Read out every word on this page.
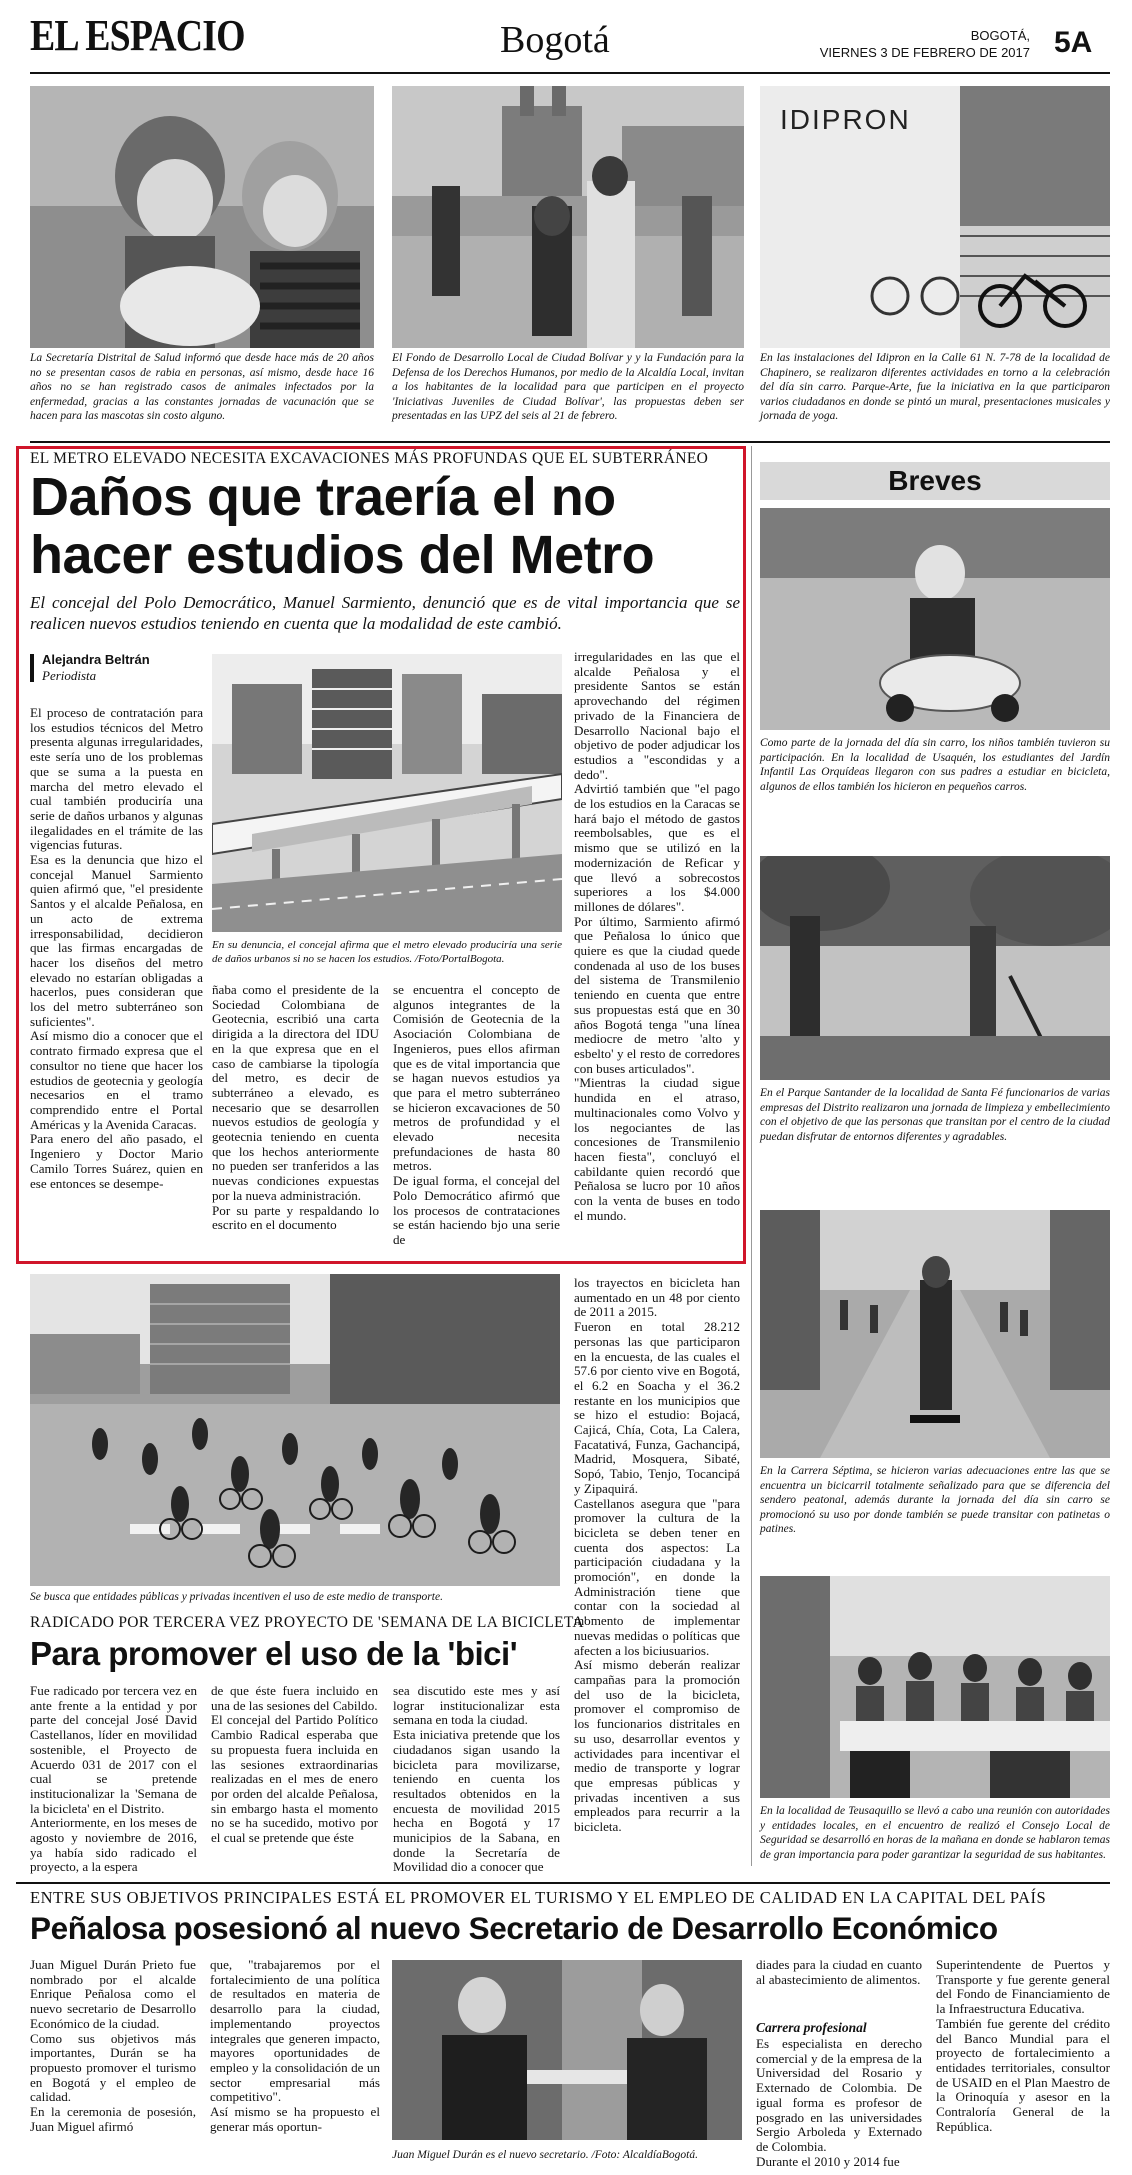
EL ESPACIO	Bogotá	BOGOTÁ,
VIERNES 3 DE FEBRERO DE 2017 5A
La Secretaría Distrital de Salud informó que desde hace más de 20 años no se presentan casos de rabia en personas, así mismo, desde hace 16 años no se han registrado casos de animales infectados por la enfermedad, gracias a las constantes jornadas de vacunación que se hacen para las mascotas sin costo alguno.
El Fondo de Desarrollo Local de Ciudad Bolívar y y la Fundación para la Defensa de los Derechos Humanos, por medio de la Alcaldía Local, invitan a los habitantes de la localidad para que participen en el proyecto 'Iniciativas Juveniles de Ciudad Bolívar', las propuestas deben ser presentadas en las UPZ del seis al 21 de febrero.
IDIPRON
En las instalaciones del Idipron en la Calle 61 N. 7-78 de la localidad de Chapinero, se realizaron diferentes actividades en torno a la celebración del día sin carro. Parque-Arte, fue la iniciativa en la que participaron varios ciudadanos en donde se pintó un mural, presentaciones musicales y jornada de yoga.
EL METRO ELEVADO NECESITA EXCAVACIONES MÁS PROFUNDAS QUE EL SUBTERRÁNEO
Daños que traería el no hacer estudios del Metro
El concejal del Polo Democrático, Manuel Sarmiento, denunció que es de vital importancia que se realicen nuevos estudios teniendo en cuenta que la modalidad de este cambió.
Alejandra Beltrán
Periodista
El proceso de contratación para los estudios técnicos del Metro presenta algunas irregularidades, este sería uno de los problemas que se suma a la puesta en marcha del metro elevado el cual también produciría una serie de daños urbanos y algunas ilegalidades en el trámite de las vigencias futuras.
Esa es la denuncia que hizo el concejal Manuel Sarmiento quien afirmó que, "el presidente Santos y el alcalde Peñalosa, en un acto de extrema irresponsabilidad, decidieron que las firmas encargadas de hacer los diseños del metro elevado no estarían obligadas a hacerlos, pues consideran que los del metro subterráneo son suficientes".
Así mismo dio a conocer que el contrato firmado expresa que el consultor no tiene que hacer los estudios de geotecnia y geología necesarios en el tramo comprendido entre el Portal Américas y la Avenida Caracas.
Para enero del año pasado, el Ingeniero y Doctor Mario Camilo Torres Suárez, quien en ese entonces se desempe-
En su denuncia, el concejal afirma que el metro elevado produciría una serie de daños urbanos si no se hacen los estudios. /Foto/PortalBogota.
ñaba como el presidente de la Sociedad Colombiana de Geotecnia, escribió una carta dirigida a la directora del IDU en la que expresa que en el caso de cambiarse la tipología del metro, es decir de subterráneo a elevado, es necesario que se desarrollen nuevos estudios de geología y geotecnia teniendo en cuenta que los hechos anteriormente no pueden ser tranferidos a las nuevas condiciones expuestas por la nueva administración.
Por su parte y respaldando lo escrito en el documento
se encuentra el concepto de algunos integrantes de la Comisión de Geotecnia de la Asociación Colombiana de Ingenieros, pues ellos afirman que es de vital importancia que se hagan nuevos estudios ya que para el metro subterráneo se hicieron excavaciones de 50 metros de profundidad y el elevado necesita prefundaciones de hasta 80 metros.
De igual forma, el concejal del Polo Democrático afirmó que los procesos de contrataciones se están haciendo bjo una serie de
irregularidades en las que el alcalde Peñalosa y el presidente Santos se están aprovechando del régimen privado de la Financiera de Desarrollo Nacional bajo el objetivo de poder adjudicar los estudios a "escondidas y a dedo".
Advirtió también que "el pago de los estudios en la Caracas se hará bajo el método de gastos reembolsables, que es el mismo que se utilizó en la modernización de Reficar y que llevó a sobrecostos superiores a los $4.000 millones de dólares".
Por último, Sarmiento afirmó que Peñalosa lo único que quiere es que la ciudad quede condenada al uso de los buses del sistema de Transmilenio teniendo en cuenta que entre sus propuestas está que en 30 años Bogotá tenga "una línea mediocre de metro 'alto y esbelto' y el resto de corredores con buses articulados".
"Mientras la ciudad sigue hundida en el atraso, multinacionales como Volvo y los negociantes de las concesiones de Transmilenio hacen fiesta", concluyó el cabildante quien recordó que Peñalosa se lucro por 10 años con la venta de buses en todo el mundo.
Breves
Como parte de la jornada del día sin carro, los niños también tuvieron su participación. En la localidad de Usaquén, los estudiantes del Jardín Infantil Las Orquídeas llegaron con sus padres a estudiar en bicicleta, algunos de ellos también los hicieron en pequeños carros.
En el Parque Santander de la localidad de Santa Fé funcionarios de varias empresas del Distrito realizaron una jornada de limpieza y embellecimiento con el objetivo de que las personas que transitan por el centro de la ciudad puedan disfrutar de entornos diferentes y agradables.
En la Carrera Séptima, se hicieron varias adecuaciones entre las que se encuentra un bicicarril totalmente señalizado para que se diferencia del sendero peatonal, además durante la jornada del día sin carro se promocionó su uso por donde también se puede transitar con patinetas o patines.
En la localidad de Teusaquillo se llevó a cabo una reunión con autoridades y entidades locales, en el encuentro de realizó el Consejo Local de Seguridad se desarrolló en horas de la mañana en donde se hablaron temas de gran importancia para poder garantizar la seguridad de sus habitantes.
Se busca que entidades públicas y privadas incentiven el uso de este medio de transporte.
los trayectos en bicicleta han aumentado en un 48 por ciento de 2011 a 2015.
Fueron en total 28.212 personas las que participaron en la encuesta, de las cuales el 57.6 por ciento vive en Bogotá, el 6.2 en Soacha y el 36.2 restante en los municipios que se hizo el estudio: Bojacá, Cajicá, Chía, Cota, La Calera, Facatativá, Funza, Gachancipá, Madrid, Mosquera, Sibaté, Sopó, Tabio, Tenjo, Tocancipá y Zipaquirá.
Castellanos asegura que "para promover la cultura de la bicicleta se deben tener en cuenta dos aspectos: La participación ciudadana y la promoción", en donde la Administración tiene que contar con la sociedad al momento de implementar nuevas medidas o políticas que afecten a los biciusuarios.
Así mismo deberán realizar campañas para la promoción del uso de la bicicleta, promover el compromiso de los funcionarios distritales en su uso, desarrollar eventos y actividades para incentivar el medio de transporte y lograr que empresas públicas y privadas incentiven a sus empleados para recurrir a la bicicleta.
RADICADO POR TERCERA VEZ PROYECTO DE 'SEMANA DE LA BICICLETA'
Para promover el uso de la 'bici'
Fue radicado por tercera vez en ante frente a la entidad y por parte del concejal José David Castellanos, líder en movilidad sostenible, el Proyecto de Acuerdo 031 de 2017 con el cual se pretende institucionalizar la 'Semana de la bicicleta' en el Distrito.
Anteriormente, en los meses de agosto y noviembre de 2016, ya había sido radicado el proyecto, a la espera
de que éste fuera incluido en una de las sesiones del Cabildo.
El concejal del Partido Político Cambio Radical esperaba que su propuesta fuera incluida en las sesiones extraordinarias realizadas en el mes de enero por orden del alcalde Peñalosa, sin embargo hasta el momento no se ha sucedido, motivo por el cual se pretende que éste
sea discutido este mes y así lograr institucionalizar esta semana en toda la ciudad.
Esta iniciativa pretende que los ciudadanos sigan usando la bicicleta para movilizarse, teniendo en cuenta los resultados obtenidos en la encuesta de movilidad 2015 hecha en Bogotá y 17 municipios de la Sabana, en donde la Secretaría de Movilidad dio a conocer que
ENTRE SUS OBJETIVOS PRINCIPALES ESTÁ EL PROMOVER EL TURISMO Y EL EMPLEO DE CALIDAD EN LA CAPITAL DEL PAÍS
Peñalosa posesionó al nuevo Secretario de Desarrollo Económico
Juan Miguel Durán Prieto fue nombrado por el alcalde Enrique Peñalosa como el nuevo secretario de Desarrollo Económico de la ciudad.
Como sus objetivos más importantes, Durán se ha propuesto promover el turismo en Bogotá y el empleo de calidad.
En la ceremonia de posesión, Juan Miguel afirmó
que, "trabajaremos por el fortalecimiento de una política de resultados en materia de desarrollo para la ciudad, implementando proyectos integrales que generen impacto, mayores oportunidades de empleo y la consolidación de un sector empresarial más competitivo".
Así mismo se ha propuesto el generar más oportun-
Juan Miguel Durán es el nuevo secretario. /Foto: AlcaldíaBogotá.
diades para la ciudad en cuanto al abastecimiento de alimentos.
Carrera profesional
Es especialista en derecho comercial y de la empresa de la Universidad del Rosario y Externado de Colombia. De igual forma es profesor de posgrado en las universidades Sergio Arboleda y Externado de Colombia.
Durante el 2010 y 2014 fue
Superintendente de Puertos y Transporte y fue gerente general del Fondo de Financiamiento de la Infraestructura Educativa.
También fue gerente del crédito del Banco Mundial para el proyecto de fortalecimiento a entidades territoriales, consultor de USAID en el Plan Maestro de la Orinoquía y asesor en la Contraloría General de la República.
